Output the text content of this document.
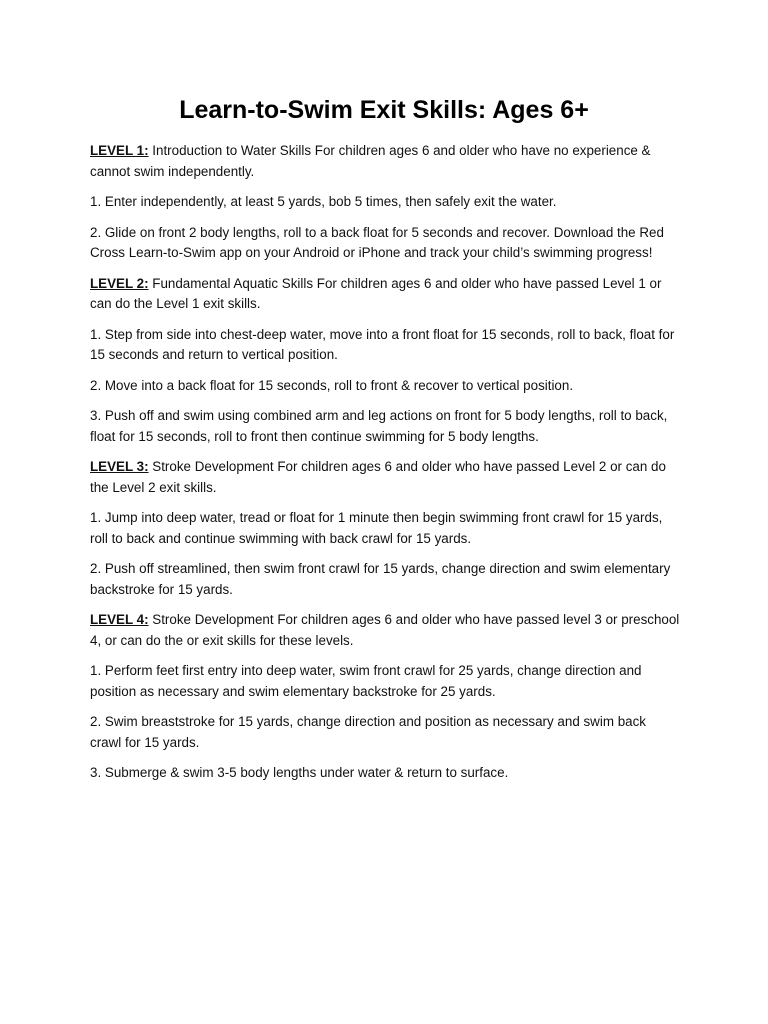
Learn-to-Swim Exit Skills: Ages 6+

LEVEL 1: Introduction to Water Skills For children ages 6 and older who have no experience & cannot swim independently.

1. Enter independently, at least 5 yards, bob 5 times, then safely exit the water.

2. Glide on front 2 body lengths, roll to a back float for 5 seconds and recover. Download the Red Cross Learn-to-Swim app on your Android or iPhone and track your child’s swimming progress!

LEVEL 2: Fundamental Aquatic Skills For children ages 6 and older who have passed Level 1 or can do the Level 1 exit skills.

1. Step from side into chest-deep water, move into a front float for 15 seconds, roll to back, float for 15 seconds and return to vertical position.

2. Move into a back float for 15 seconds, roll to front & recover to vertical position.

3. Push off and swim using combined arm and leg actions on front for 5 body lengths, roll to back, float for 15 seconds, roll to front then continue swimming for 5 body lengths.

LEVEL 3: Stroke Development For children ages 6 and older who have passed Level 2 or can do the Level 2 exit skills.

1. Jump into deep water, tread or float for 1 minute then begin swimming front crawl for 15 yards, roll to back and continue swimming with back crawl for 15 yards.

2. Push off streamlined, then swim front crawl for 15 yards, change direction and swim elementary backstroke for 15 yards.

LEVEL 4: Stroke Development For children ages 6 and older who have passed level 3 or preschool 4, or can do the or exit skills for these levels.

1. Perform feet first entry into deep water, swim front crawl for 25 yards, change direction and position as necessary and swim elementary backstroke for 25 yards.

2. Swim breaststroke for 15 yards, change direction and position as necessary and swim back crawl for 15 yards.

3. Submerge & swim 3-5 body lengths under water & return to surface.
